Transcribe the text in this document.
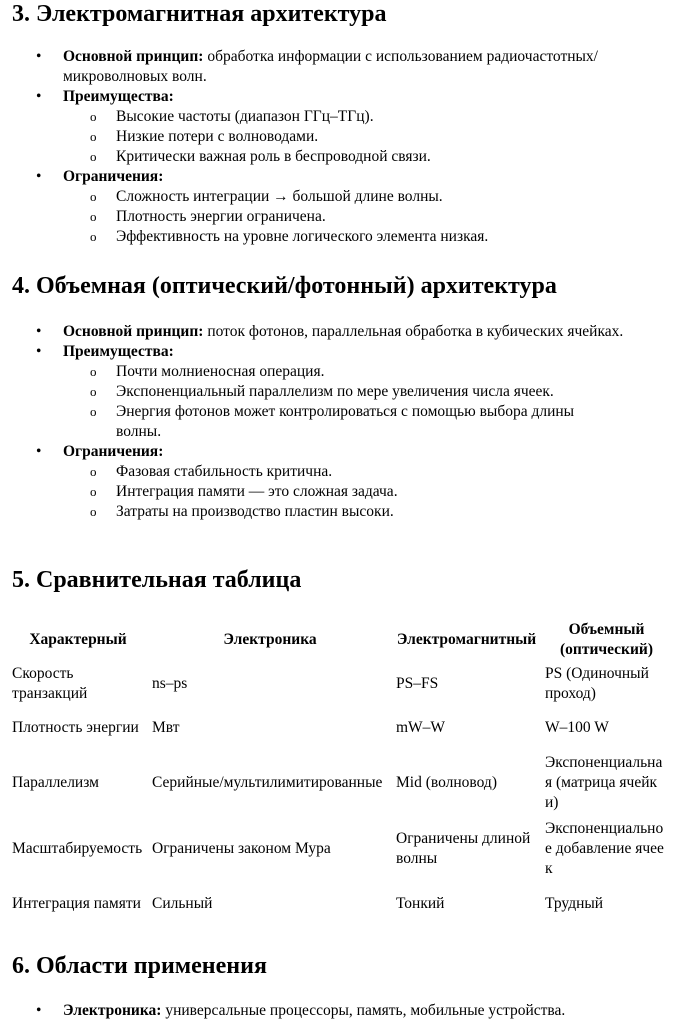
3. Электромагнитная архитектура
• Основной принцип: обработка информации с использованием радиочастотных/микроволновых волн.
• Преимущества:
o Высокие частоты (диапазон ГГц–ТГц).
o Низкие потери с волноводами.
o Критически важная роль в беспроводной связи.
• Ограничения:
o Сложность интеграции → большой длине волны.
o Плотность энергии ограничена.
o Эффективность на уровне логического элемента низкая.
4. Объемная (оптический/фотонный) архитектура
• Основной принцип: поток фотонов, параллельная обработка в кубических ячейках.
• Преимущества:
o Почти молниеносная операция.
o Экспоненциальный параллелизм по мере увеличения числа ячеек.
o Энергия фотонов может контролироваться с помощью выбора длины волны.
• Ограничения:
o Фазовая стабильность критична.
o Интеграция памяти — это сложная задача.
o Затраты на производство пластин высоки.
5. Сравнительная таблица
Характерный	Электроника	Электромагнитный	Объемный (оптический)
Скорость транзакций	ns–ps	PS–FS	PS (Одиночный проход)
Плотность энергии	Мвт	mW–W	W–100 W
Параллелизм	Серийные/мультилимитированные	Mid (волновод)	Экспоненциальная (матрица ячейки)
Масштабируемость	Ограничены законом Мура	Ограничены длиной волны	Экспоненциальное добавление ячеек
Интеграция памяти	Сильный	Тонкий	Трудный
6. Области применения
• Электроника: универсальные процессоры, память, мобильные устройства.
